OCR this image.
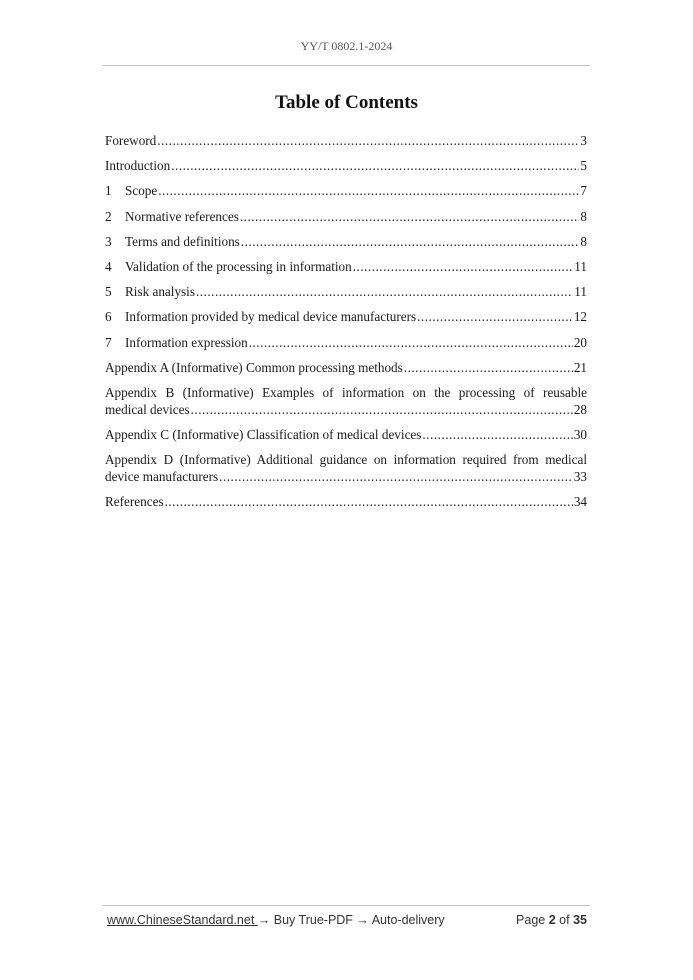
YY/T 0802.1-2024
Table of Contents
Foreword .....	3
Introduction .....	5
1	Scope .....	7
2	Normative references .....	8
3	Terms and definitions .....	8
4	Validation of the processing in information .....	11
5	Risk analysis .....	11
6	Information provided by medical device manufacturers .....	12
7	Information expression .....	20
Appendix A (Informative) Common processing methods .....	21
Appendix B (Informative) Examples of information on the processing of reusable
medical devices .....	28
Appendix C (Informative) Classification of medical devices .....	30
Appendix D (Informative) Additional guidance on information required from medical
device manufacturers .....	33
References .....	34
www.ChineseStandard.net → Buy True-PDF → Auto-delivery	Page 2 of 35
